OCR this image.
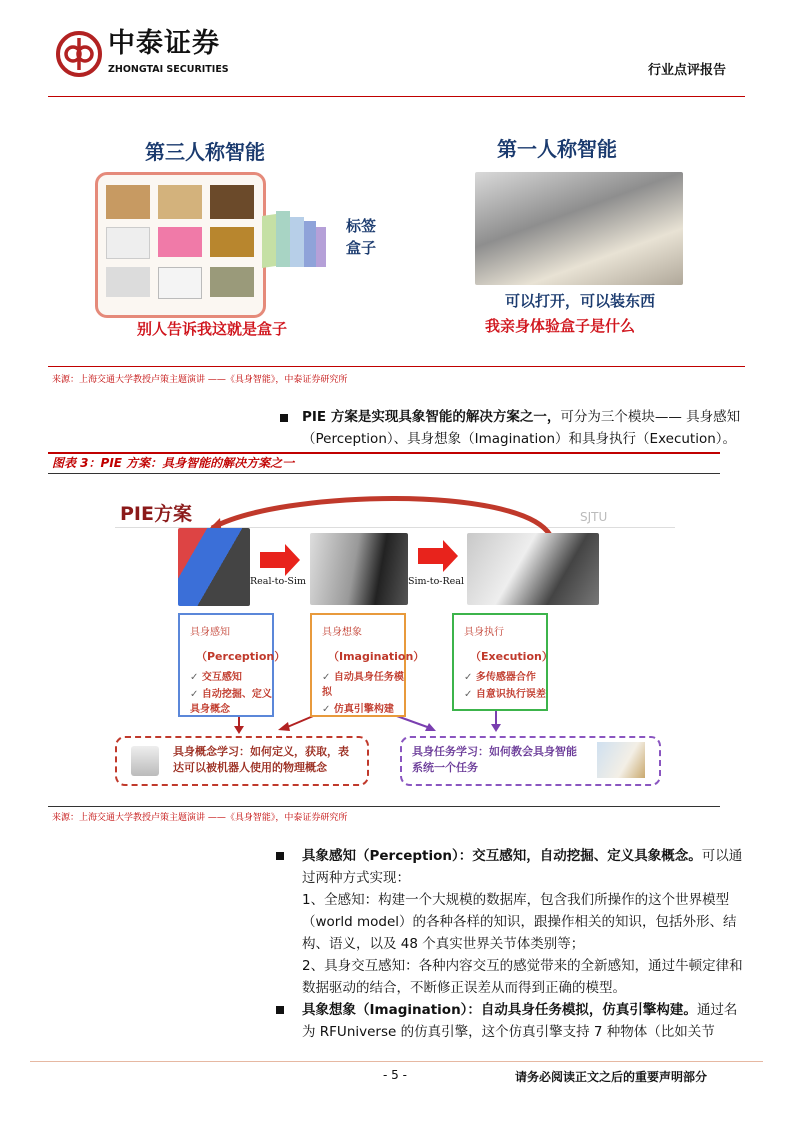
中泰证券
ZHONGTAI SECURITIES	行业点评报告
第三人称智能
标签
盒子
别人告诉我这就是盒子
第一人称智能
可以打开，可以装东西
我亲身体验盒子是什么
来源：上海交通大学教授卢策主题演讲 ——《具身智能》，中泰证券研究所
PIE 方案是实现具象智能的解决方案之一，可分为三个模块—— 具身感知（Perception）、具身想象（Imagination）和具身执行（Execution）。
图表 3：PIE 方案：具身智能的解决方案之一
PIE方案	SJTU
Real-to-Sim	Sim-to-Real
具身感知
（Perception）
✓ 交互感知
✓ 自动挖掘、定义具身概念
具身想象
（Imagination）
✓ 自动具身任务模拟
✓ 仿真引擎构建
具身执行
（Execution）
✓ 多传感器合作
✓ 自意识执行误差
具身概念学习：如何定义，获取，表达可以被机器人使用的物理概念
具身任务学习：如何教会具身智能系统一个任务
来源：上海交通大学教授卢策主题演讲 ——《具身智能》，中泰证券研究所
具象感知（Perception）：交互感知，自动挖掘、定义具象概念。可以通过两种方式实现：
1、全感知：构建一个大规模的数据库，包含我们所操作的这个世界模型（world model）的各种各样的知识，跟操作相关的知识，包括外形、结构、语义，以及 48 个真实世界关节体类别等；
2、具身交互感知：各种内容交互的感觉带来的全新感知，通过牛顿定律和数据驱动的结合，不断修正误差从而得到正确的模型。
具象想象（Imagination）：自动具身任务模拟，仿真引擎构建。通过名为 RFUniverse 的仿真引擎，这个仿真引擎支持 7 种物体（比如关节
- 5 -	请务必阅读正文之后的重要声明部分
